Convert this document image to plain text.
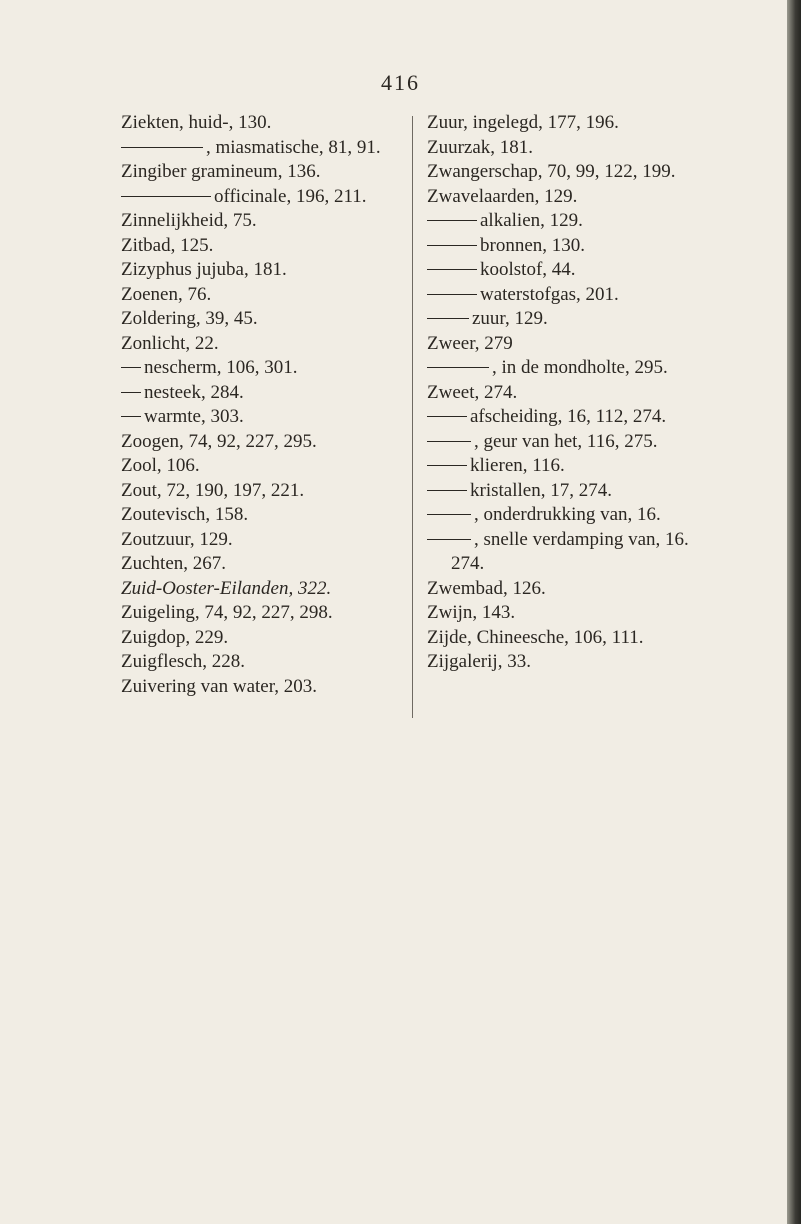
416
Ziekten, huid-, 130.
, miasmatische, 81, 91.
Zingiber gramineum, 136.
officinale, 196, 211.
Zinnelijkheid, 75.
Zitbad, 125.
Zizyphus jujuba, 181.
Zoenen, 76.
Zoldering, 39, 45.
Zonlicht, 22.
nescherm, 106, 301.
nesteek, 284.
warmte, 303.
Zoogen, 74, 92, 227, 295.
Zool, 106.
Zout, 72, 190, 197, 221.
Zoutevisch, 158.
Zoutzuur, 129.
Zuchten, 267.
Zuid-Ooster-Eilanden, 322.
Zuigeling, 74, 92, 227, 298.
Zuigdop, 229.
Zuigflesch, 228.
Zuivering van water, 203.
Zuur, ingelegd, 177, 196.
Zuurzak, 181.
Zwangerschap, 70, 99, 122, 199.
Zwavelaarden, 129.
alkalien, 129.
bronnen, 130.
koolstof, 44.
waterstofgas, 201.
zuur, 129.
Zweer, 279
, in de mondholte, 295.
Zweet, 274.
afscheiding, 16, 112, 274.
, geur van het, 116, 275.
klieren, 116.
kristallen, 17, 274.
, onderdrukking van, 16.
, snelle verdamping van, 16.
274.
Zwembad, 126.
Zwijn, 143.
Zijde, Chineesche, 106, 111.
Zijgalerij, 33.
